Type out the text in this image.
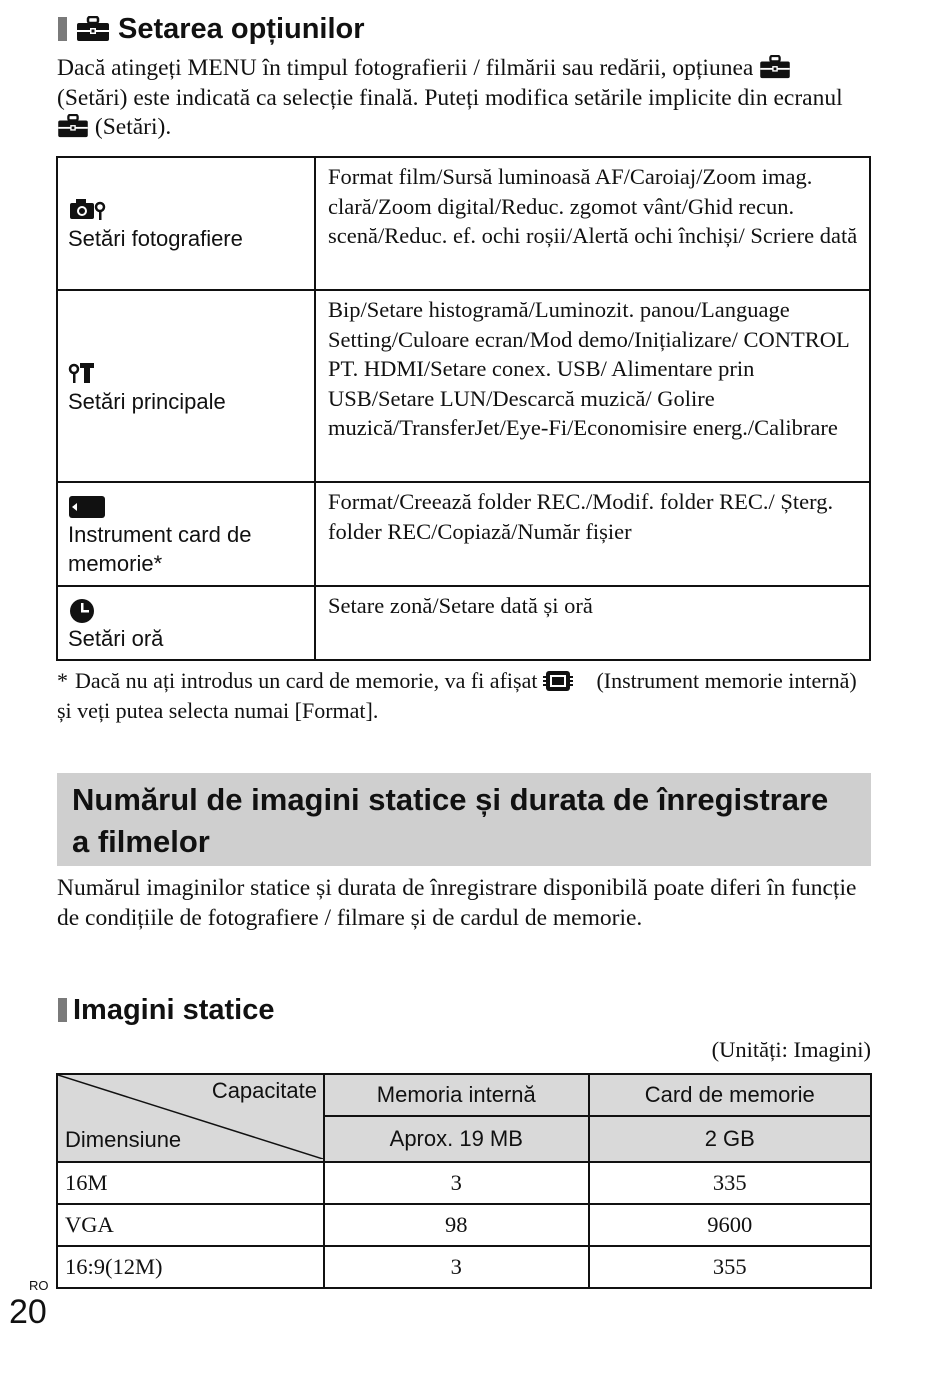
Setarea opțiunilor
Dacă atingeți MENU în timpul fotografierii / filmării sau redării, opțiunea  (Setări) este indicată ca selecție finală. Puteți modifica setările implicite din ecranul  (Setări).
Setări fotografiere	Format film/Sursă luminoasă AF/Caroiaj/Zoom imag. clară/Zoom digital/Reduc. zgomot vânt/Ghid recun. scenă/Reduc. ef. ochi roșii/Alertă ochi închiși/ Scriere dată

Setări principale	Bip/Setare histogramă/Luminozit. panou/Language Setting/Culoare ecran/Mod demo/Inițializare/ CONTROL PT. HDMI/Setare conex. USB/ Alimentare prin USB/Setare LUN/Descarcă muzică/ Golire muzică/TransferJet/Eye-Fi/Economisire energ./Calibrare

Instrument card de memorie*	Format/Creează folder REC./Modif. folder REC./ Șterg. folder REC/Copiază/Număr fișier

Setări oră	Setare zonă/Setare dată și oră
* Dacă nu ați introdus un card de memorie, va fi afișat	(Instrument memorie internă) și veți putea selecta numai [Format].
Numărul de imagini statice și durata de înregistrare a filmelor
Numărul imaginilor statice și durata de înregistrare disponibilă poate diferi în funcție de condițiile de fotografiere / filmare și de cardul de memorie.
Imagini statice
(Unități: Imagini)
Capacitate
Dimensiune	Memoria internă	Card de memorie
	Aprox. 19 MB	2 GB
16M	3	335
VGA	98	9600
16:9(12M)	3	355
RO
20
